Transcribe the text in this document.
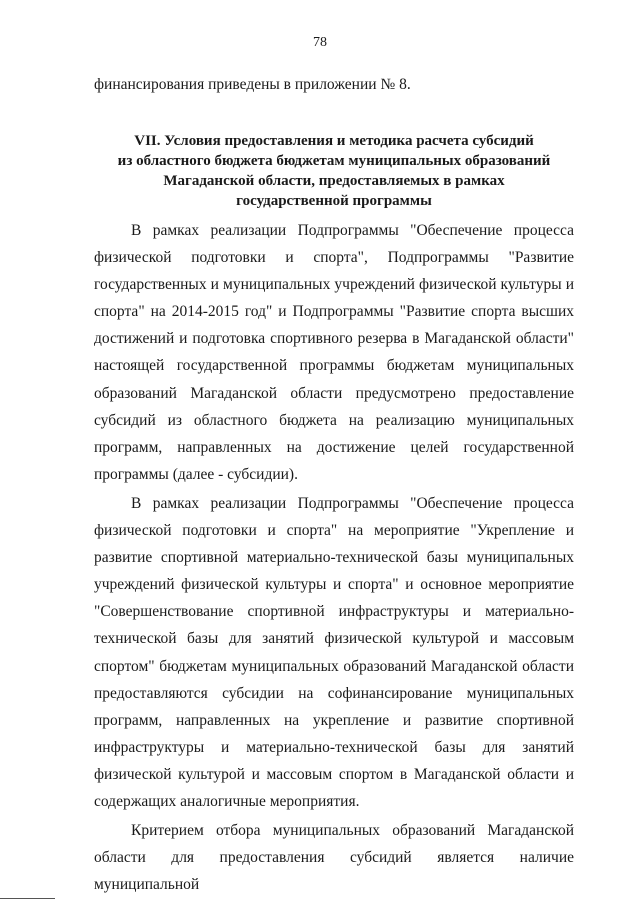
78
финансирования приведены в приложении № 8.
VII. Условия предоставления и методика расчета субсидий
из областного бюджета бюджетам муниципальных образований
Магаданской области, предоставляемых в рамках
государственной программы

В рамках реализации Подпрограммы "Обеспечение процесса физической подготовки и спорта", Подпрограммы "Развитие государственных и муниципальных учреждений физической культуры и спорта" на 2014-2015 год" и Подпрограммы "Развитие спорта высших достижений и подготовка спортивного резерва в Магаданской области" настоящей государственной программы бюджетам муниципальных образований Магаданской области предусмотрено предоставление субсидий из областного бюджета на реализацию муниципальных программ, направленных на достижение целей государственной программы (далее - субсидии).

В рамках реализации Подпрограммы "Обеспечение процесса физической подготовки и спорта" на мероприятие "Укрепление и развитие спортивной материально-технической базы муниципальных учреждений физической культуры и спорта" и основное мероприятие "Совершенствование спортивной инфраструктуры и материально-технической базы для занятий физической культурой и массовым спортом" бюджетам муниципальных образований Магаданской области предоставляются субсидии на софинансирование муниципальных программ, направленных на укрепление и развитие спортивной инфраструктуры и материально-технической базы для занятий физической культурой и массовым спортом в Магаданской области и содержащих аналогичные мероприятия.

Критерием отбора муниципальных образований Магаданской области для предоставления субсидий является наличие муниципальной
